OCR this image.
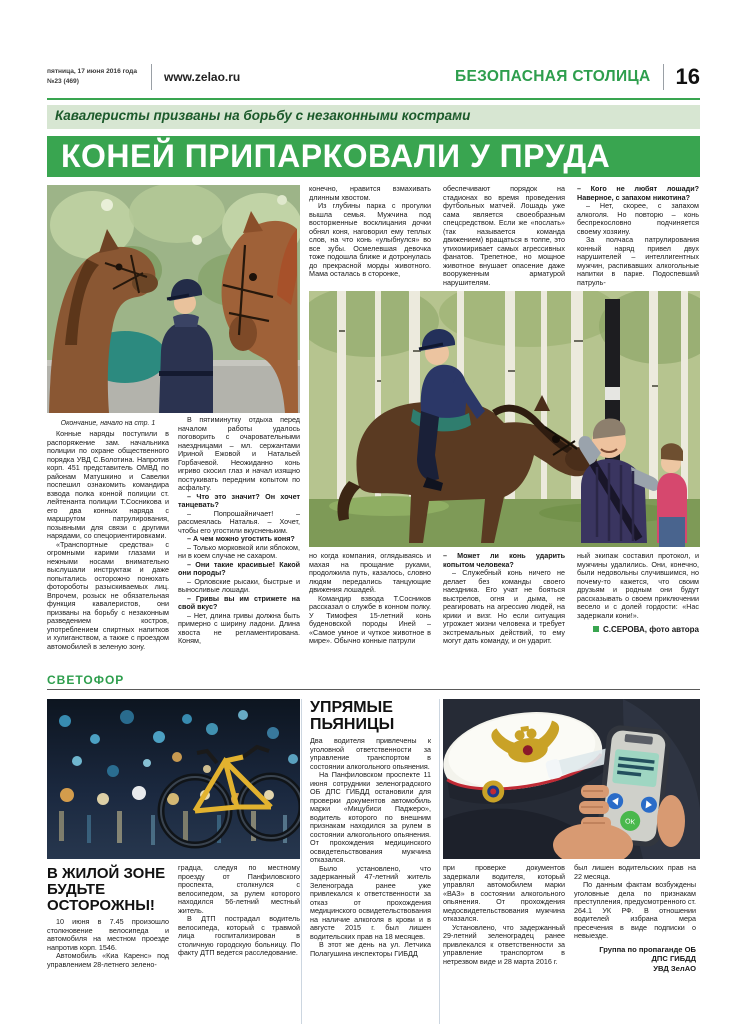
пятница, 17 июня 2016 года
№23 (469)	www.zelao.ru	БЕЗОПАСНАЯ СТОЛИЦА 16
Кавалеристы призваны на борьбу с незаконными кострами
КОНЕЙ ПРИПАРКОВАЛИ У ПРУДА
Окончание, начало на стр. 1

Конные наряды поступили в распоряжение зам. начальника полиции по охране общественного порядка УВД С.Болотина. Напротив корп. 451 представитель ОМВД по районам Матушкино и Савелки поспешил ознакомить командира взвода полка конной полиции ст. лейтенанта полиции Т.Сосникова и его два конных наряда с маршрутом патрулирования, позывными для связи с другими нарядами, со спецориентировками.

«Транспортные средства» с огромными карими глазами и нежными носами внимательно выслушали инструктаж и даже попытались осторожно понюхать фотороботы разыскиваемых лиц. Впрочем, розыск не обязательная функция кавалеристов, они призваны на борьбу с незаконным разведением костров, употреблением спиртных напитков и хулиганством, а также с проездом автомобилей в зеленую зону.

В пятиминутку отдыха перед началом работы удалось поговорить с очаровательными наездницами – мл. сержантами Ириной Ежовой и Натальей Горбачевой. Неожиданно конь игриво скосил глаз и начал изящно постукивать передним копытом по асфальту.

– Что это значит? Он хочет танцевать?

– Попрошайничает! – рассмеялась Наталья. – Хочет, чтобы его угостили вкусненьким.

– А чем можно угостить коня?

– Только морковкой или яблоком, ни в коем случае не сахаром.

– Они такие красивые! Какой они породы?

– Орловские рысаки, быстрые и выносливые лошади.

– Гривы вы им стрижете на свой вкус?

– Нет, длина гривы должна быть примерно с ширину ладони. Длина хвоста не регламентирована. Коням,

конечно, нравится взмахивать длинным хвостом.

Из глубины парка с прогулки вышла семья. Мужчина под восторженные восклицания дочки обнял коня, наговорил ему теплых слов, на что конь «улыбнулся» во все зубы. Осмелевшая девочка тоже подошла ближе и дотронулась до прекрасной морды животного. Мама осталась в сторонке,

обеспечивают порядок на стадионах во время проведения футбольных матчей. Лошадь уже сама является своеобразным спецсредством. Если же «послать» (так называется команда движением) вращаться в толпе, это утихомиривает самых агрессивных фанатов. Трепетное, но мощное животное внушает опасение даже вооруженным арматурой нарушителям.

– Кого не любят лошади? Наверное, с запахом никотина?

– Нет, скорее, с запахом алкоголя. Но повторю – конь беспрекословно подчиняется своему хозяину.

За полчаса патрулирования конный наряд привел двух нарушителей – интеллигентных мужчин, распивавших алкогольные напитки в парке. Подоспевший патруль-

но когда компания, оглядываясь и махая на прощание руками, продолжила путь, казалось, словно людям передались танцующие движения лошадей.

Командир взвода Т.Сосников рассказал о службе в конном полку. У Тимофея 15-летний конь буденовской породы Иней – «Самое умное и чуткое животное в мире». Обычно конные патрули

– Может ли конь ударить копытом человека?

– Служебный конь ничего не делает без команды своего наездника. Его учат не бояться выстрелов, огня и дыма, не реагировать на агрессию людей, на крики и визг. Но если ситуация угрожает жизни человека и требует экстремальных действий, то ему могут дать команду, и он ударит.

ный экипаж составил протокол, и мужчины удалились. Они, конечно, были недовольны случившимся, но почему-то кажется, что своим друзьям и родным они будут рассказывать о своем приключении весело и с долей гордости: «Нас задержали кони!».

С.СЕРОВА, фото автора
СВЕТОФОР
В ЖИЛОЙ ЗОНЕ БУДЬТЕ ОСТОРОЖНЫ!

10 июня в 7.45 произошло столкновение велосипеда и автомобиля на местном проезде напротив корп. 1546.

Автомобиль «Киа Каренс» под управлением 28-летнего зелено-

градца, следуя по местному проезду от Панфиловского проспекта, столкнулся с велосипедом, за рулем которого находился 56-летний местный житель.

В ДТП пострадал водитель велосипеда, который с травмой лица госпитализирован в столичную городскую больницу. По факту ДТП ведется расследование.

УПРЯМЫЕ ПЬЯНИЦЫ

Два водителя привлечены к уголовной ответственности за управление транспортом в состоянии алкогольного опьянения.

На Панфиловском проспекте 11 июня сотрудники зеленоградского ОБ ДПС ГИБДД остановили для проверки документов автомобиль марки «Мицубиси Паджеро», водитель которого по внешним признакам находился за рулем в состоянии алкогольного опьянения. От прохождения медицинского освидетельствования мужчина отказался.

Было установлено, что задержанный 47-летний житель Зеленограда ранее уже привлекался к ответственности за отказ от прохождения медицинского освидетельствования на наличие алкоголя в крови и в августе 2015 г. был лишен водительских прав на 18 месяцев.

В этот же день на ул. Летчика Полагушина инспекторы ГИБДД

OK

при проверке документов задержали водителя, который управлял автомобилем марки «ВАЗ» в состоянии алкогольного опьянения. От прохождения медосвидетельствования мужчина отказался.

Установлено, что задержанный 29-летний зеленоградец ранее привлекался к ответственности за управление транспортом в нетрезвом виде и 28 марта 2016 г.

был лишен водительских прав на 22 месяца.

По данным фактам возбуждены уголовные дела по признакам преступления, предусмотренного ст. 264.1 УК РФ. В отношении водителей избрана мера пресечения в виде подписки о невыезде.

Группа по пропаганде ОБ
ДПС ГИБДД
УВД ЗелАО
